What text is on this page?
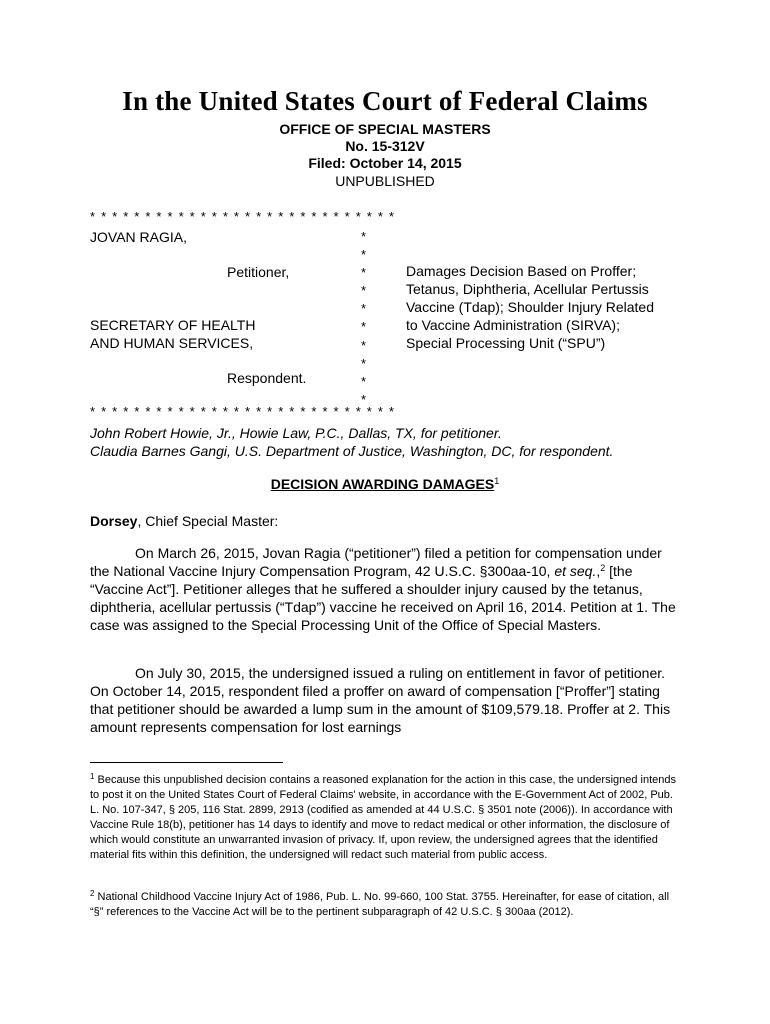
In the United States Court of Federal Claims
OFFICE OF SPECIAL MASTERS
No. 15-312V
Filed: October 14, 2015
UNPUBLISHED
* * * * * * * * * * * * * * * * * * * * * * * * * * * *
JOVAN RAGIA,
Petitioner,
SECRETARY OF HEALTH
AND HUMAN SERVICES,
Respondent.
*
*
*
*
*
*
*
*
*
*
Damages Decision Based on Proffer;
Tetanus, Diphtheria, Acellular Pertussis
Vaccine (Tdap); Shoulder Injury Related
to Vaccine Administration (SIRVA);
Special Processing Unit (“SPU”)
* * * * * * * * * * * * * * * * * * * * * * * * * * * *
John Robert Howie, Jr., Howie Law, P.C., Dallas, TX, for petitioner.
Claudia Barnes Gangi, U.S. Department of Justice, Washington, DC, for respondent.
DECISION AWARDING DAMAGES$^1$
Dorsey, Chief Special Master:

On March 26, 2015, Jovan Ragia (“petitioner”) filed a petition for compensation under the National Vaccine Injury Compensation Program, 42 U.S.C. §300aa-10, et seq.,$^2$ [the “Vaccine Act”]. Petitioner alleges that he suffered a shoulder injury caused by the tetanus, diphtheria, acellular pertussis (“Tdap”) vaccine he received on April 16, 2014. Petition at 1. The case was assigned to the Special Processing Unit of the Office of Special Masters.

On July 30, 2015, the undersigned issued a ruling on entitlement in favor of petitioner. On October 14, 2015, respondent filed a proffer on award of compensation [“Proffer”] stating that petitioner should be awarded a lump sum in the amount of $109,579.18. Proffer at 2. This amount represents compensation for lost earnings

$^1$ Because this unpublished decision contains a reasoned explanation for the action in this case, the undersigned intends to post it on the United States Court of Federal Claims' website, in accordance with the E-Government Act of 2002, Pub. L. No. 107-347, § 205, 116 Stat. 2899, 2913 (codified as amended at 44 U.S.C. § 3501 note (2006)). In accordance with Vaccine Rule 18(b), petitioner has 14 days to identify and move to redact medical or other information, the disclosure of which would constitute an unwarranted invasion of privacy. If, upon review, the undersigned agrees that the identified material fits within this definition, the undersigned will redact such material from public access.
$^2$ National Childhood Vaccine Injury Act of 1986, Pub. L. No. 99-660, 100 Stat. 3755. Hereinafter, for ease of citation, all “§” references to the Vaccine Act will be to the pertinent subparagraph of 42 U.S.C. § 300aa (2012).
